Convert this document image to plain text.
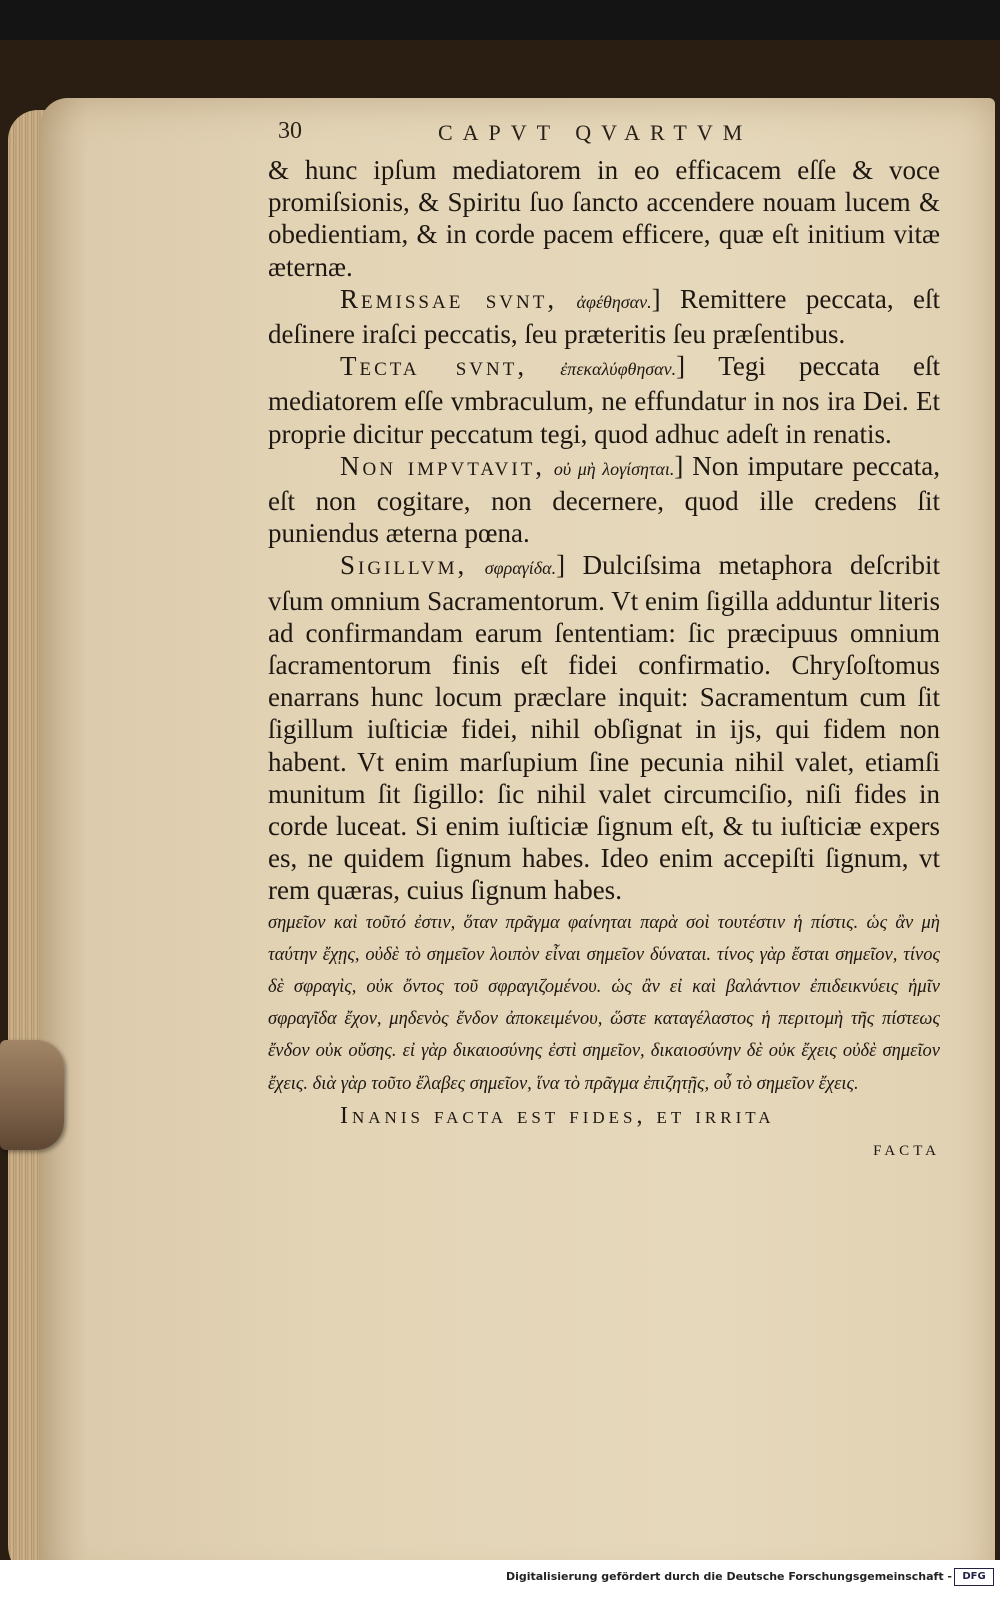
30	CAPVT QVARTVM

& hunc ipſum mediatorem in eo efficacem eſſe & voce promiſsionis, & Spiritu ſuo ſancto accendere nouam lucem & obedientiam, & in corde pacem efficere, quæ eſt initium vitæ æternæ.

Remissae svnt, ἀφέθησαν.] Remittere peccata, eſt deſinere iraſci peccatis, ſeu præteritis ſeu præſentibus.

Tecta svnt, ἐπεκαλύφθησαν.] Tegi peccata eſt mediatorem eſſe vmbraculum, ne effundatur in nos ira Dei. Et proprie dicitur peccatum tegi, quod adhuc adeſt in renatis.

Non impvtavit, οὐ μὴ λογίσηται.] Non imputare peccata, eſt non cogitare, non decernere, quod ille credens ſit puniendus æterna pœna.

Sigillvm, σφραγίδα.] Dulciſsima metaphora deſcribit vſum omnium Sacramentorum. Vt enim ſigilla adduntur literis ad confirmandam earum ſententiam: ſic præcipuus omnium ſacramentorum finis eſt fidei confirmatio. Chryſoſtomus enarrans hunc locum præclare inquit: Sacramentum cum ſit ſigillum iuſticiæ fidei, nihil obſignat in ijs, qui fidem non habent. Vt enim marſupium ſine pecunia nihil valet, etiamſi munitum ſit ſigillo: ſic nihil valet circumciſio, niſi fides in corde luceat. Si enim iuſticiæ ſignum eſt, & tu iuſticiæ expers es, ne quidem ſignum habes. Ideo enim accepiſti ſignum, vt rem quæras, cuius ſignum habes.

σημεῖον καὶ τοῦτό ἐστιν, ὅταν πρᾶγμα φαίνηται παρὰ σοὶ τουτέστιν ἡ πίστις. ὡς ἂν μὴ ταύτην ἔχῃς, οὐδὲ τὸ σημεῖον λοιπὸν εἶναι σημεῖον δύναται. τίνος γὰρ ἔσται σημεῖον, τίνος δὲ σφραγὶς, οὐκ ὄντος τοῦ σφραγιζομένου. ὡς ἂν εἰ καὶ βαλάντιον ἐπιδεικνύεις ἡμῖν σφραγῖδα ἔχον, μηδενὸς ἔνδον ἀποκειμένου, ὥστε καταγέλαστος ἡ περιτομὴ τῆς πίστεως ἔνδον οὐκ οὔσης. εἰ γὰρ δικαιοσύνης ἐστὶ σημεῖον, δικαιοσύνην δὲ οὐκ ἔχεις οὐδὲ σημεῖον ἔχεις. διὰ γὰρ τοῦτο ἔλαβες σημεῖον, ἵνα τὸ πρᾶγμα ἐπιζητῇς, οὗ τὸ σημεῖον ἔχεις.

Inanis facta est fides, et irrita

facta

Digitalisierung gefördert durch die Deutsche Forschungsgemeinschaft -	DFG
